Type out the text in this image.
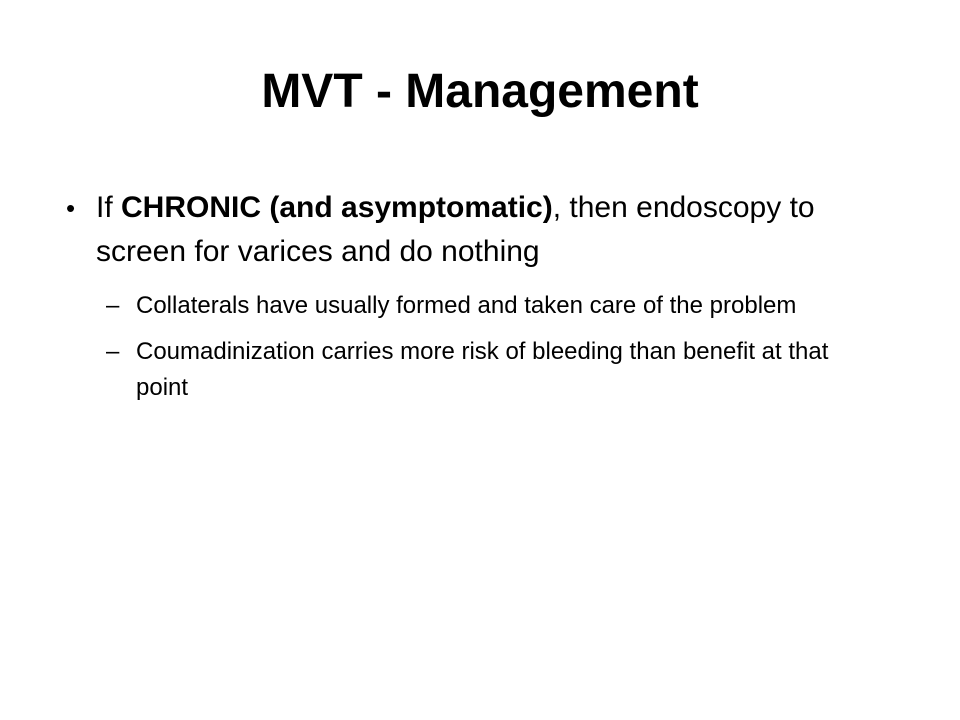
MVT - Management

• If CHRONIC (and asymptomatic), then endoscopy to screen for varices and do nothing

– Collaterals have usually formed and taken care of the problem

– Coumadinization carries more risk of bleeding than benefit at that point
